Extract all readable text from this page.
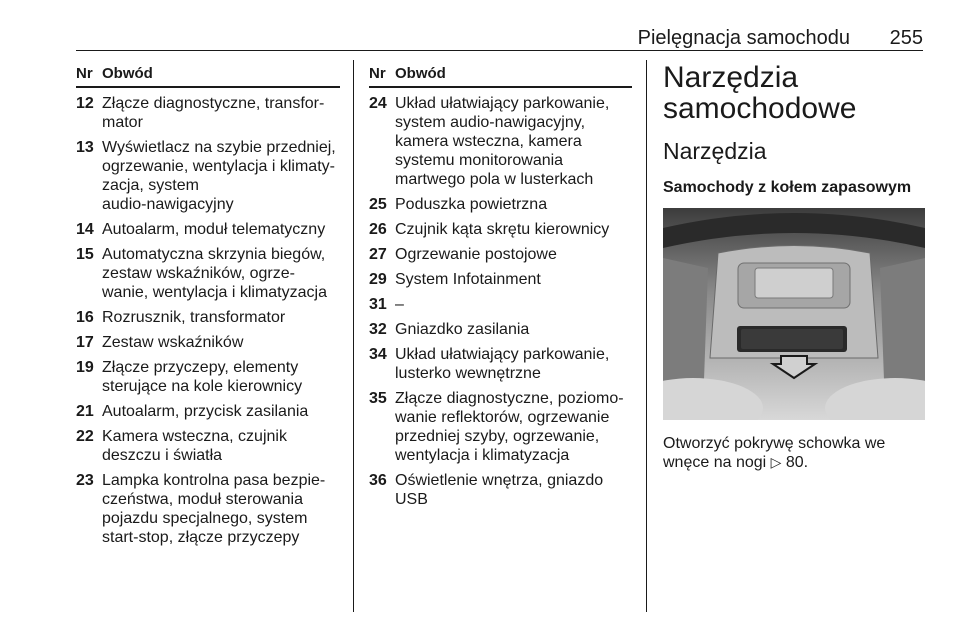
Pielęgnacja samochodu 255
Nr Obwód
12 Złącze diagnostyczne, transfor-
mator
13 Wyświetlacz na szybie przedniej,
ogrzewanie, wentylacja i klimaty-
zacja, system
audio-nawigacyjny
14 Autoalarm, moduł telematyczny
15 Automatyczna skrzynia biegów,
zestaw wskaźników, ogrze-
wanie, wentylacja i klimatyzacja
16 Rozrusznik, transformator
17 Zestaw wskaźników
19 Złącze przyczepy, elementy
sterujące na kole kierownicy
21 Autoalarm, przycisk zasilania
22 Kamera wsteczna, czujnik
deszczu i światła
23 Lampka kontrolna pasa bezpie-
czeństwa, moduł sterowania
pojazdu specjalnego, system
start-stop, złącze przyczepy
Nr Obwód
24 Układ ułatwiający parkowanie,
system audio-nawigacyjny,
kamera wsteczna, kamera
systemu monitorowania
martwego pola w lusterkach
25 Poduszka powietrzna
26 Czujnik kąta skrętu kierownicy
27 Ogrzewanie postojowe
29 System Infotainment
31 –
32 Gniazdko zasilania
34 Układ ułatwiający parkowanie,
lusterko wewnętrzne
35 Złącze diagnostyczne, poziomo-
wanie reflektorów, ogrzewanie
przedniej szyby, ogrzewanie,
wentylacja i klimatyzacja
36 Oświetlenie wnętrza, gniazdo
USB
Narzędzia
samochodowe
Narzędzia
Samochody z kołem zapasowym
Otworzyć pokrywę schowka we
wnęce na nogi ▷ 80.
